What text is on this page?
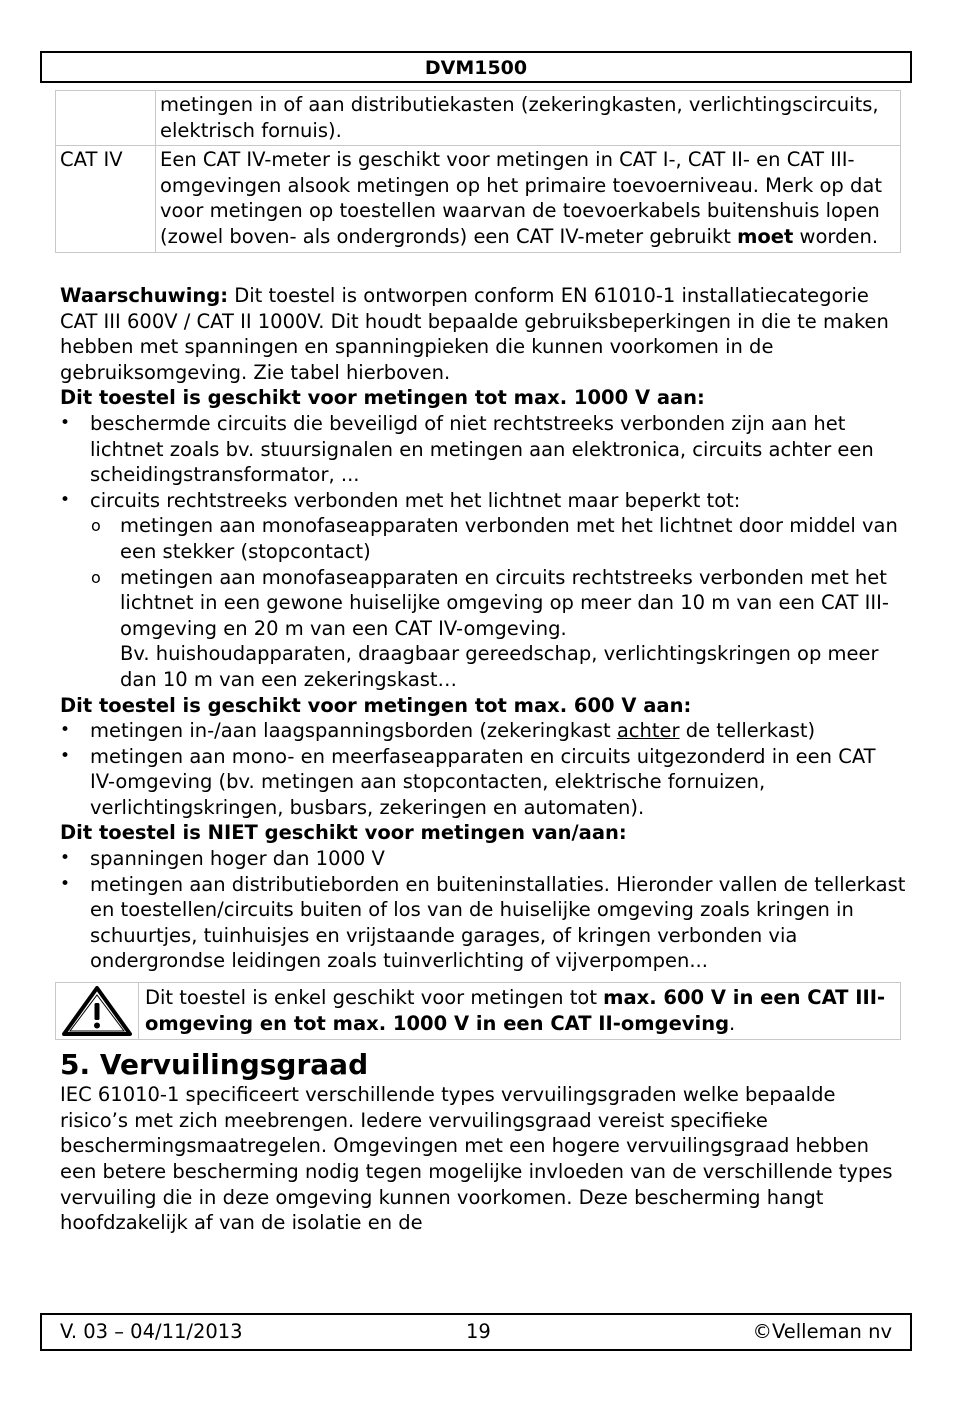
DVM1500
	metingen in of aan distributiekasten (zekeringkasten, verlichtingscircuits, elektrisch fornuis).
CAT IV	Een CAT IV-meter is geschikt voor metingen in CAT I-, CAT II- en CAT III-omgevingen alsook metingen op het primaire toevoerniveau. Merk op dat voor metingen op toestellen waarvan de toevoerkabels buitenshuis lopen (zowel boven- als ondergronds) een CAT IV-meter gebruikt moet worden.

Waarschuwing: Dit toestel is ontworpen conform EN 61010-1 installatiecategorie CAT III 600V / CAT II 1000V. Dit houdt bepaalde gebruiksbeperkingen in die te maken hebben met spanningen en spanningpieken die kunnen voorkomen in de gebruiksomgeving. Zie tabel hierboven.

Dit toestel is geschikt voor metingen tot max. 1000 V aan:

• beschermde circuits die beveiligd of niet rechtstreeks verbonden zijn aan het lichtnet zoals bv. stuursignalen en metingen aan elektronica, circuits achter een scheidingstransformator, ...
• circuits rechtstreeks verbonden met het lichtnet maar beperkt tot:
o metingen aan monofaseapparaten verbonden met het lichtnet door middel van een stekker (stopcontact)
o metingen aan monofaseapparaten en circuits rechtstreeks verbonden met het lichtnet in een gewone huiselijke omgeving op meer dan 10 m van een CAT III-omgeving en 20 m van een CAT IV-omgeving.
Bv. huishoudapparaten, draagbaar gereedschap, verlichtingskringen op meer dan 10 m van een zekeringskast…

Dit toestel is geschikt voor metingen tot max. 600 V aan:

• metingen in-/aan laagspanningsborden (zekeringkast achter de tellerkast)
• metingen aan mono- en meerfaseapparaten en circuits uitgezonderd in een CAT IV-omgeving (bv. metingen aan stopcontacten, elektrische fornuizen, verlichtingskringen, busbars, zekeringen en automaten).

Dit toestel is NIET geschikt voor metingen van/aan:

• spanningen hoger dan 1000 V
• metingen aan distributieborden en buiteninstallaties. Hieronder vallen de tellerkast en toestellen/circuits buiten of los van de huiselijke omgeving zoals kringen in schuurtjes, tuinhuisjes en vrijstaande garages, of kringen verbonden via ondergrondse leidingen zoals tuinverlichting of vijverpompen...
Dit toestel is enkel geschikt voor metingen tot max. 600 V in een CAT III-omgeving en tot max. 1000 V in een CAT II-omgeving.
5. Vervuilingsgraad

IEC 61010-1 specificeert verschillende types vervuilingsgraden welke bepaalde risico’s met zich meebrengen. Iedere vervuilingsgraad vereist specifieke beschermingsmaatregelen. Omgevingen met een hogere vervuilingsgraad hebben een betere bescherming nodig tegen mogelijke invloeden van de verschillende types vervuiling die in deze omgeving kunnen voorkomen. Deze bescherming hangt hoofdzakelijk af van de isolatie en de

V. 03 – 04/11/2013	19	©Velleman nv
